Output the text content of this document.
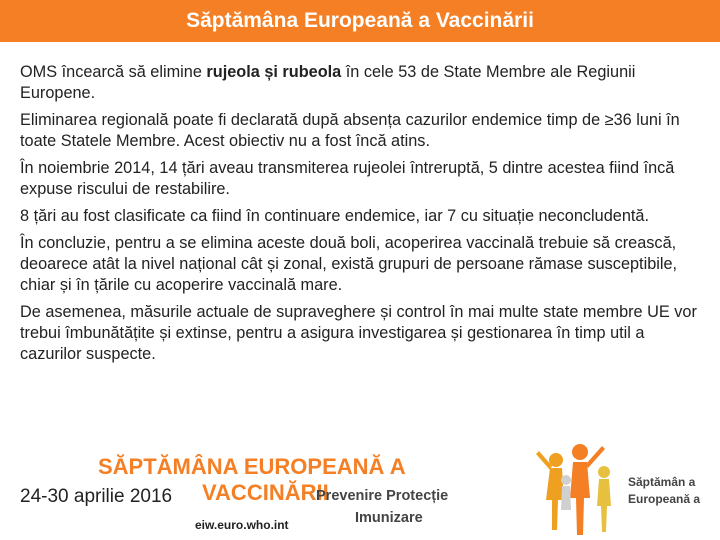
Săptămâna Europeană a Vaccinării

OMS încearcă să elimine rujeola și rubeola în cele 53 de State Membre ale Regiunii Europene.

Eliminarea regională poate fi declarată după absența cazurilor endemice timp de ≥36 luni în toate Statele Membre. Acest obiectiv nu a fost încă atins.

În noiembrie 2014, 14 țări aveau transmiterea rujeolei întreruptă, 5 dintre acestea fiind încă expuse riscului de restabilire.

8 țări au fost clasificate ca fiind în continuare endemice, iar 7 cu situație neconcludentă.

În concluzie, pentru a se elimina aceste două boli, acoperirea vaccinală trebuie să crească, deoarece atât la nivel național cât și zonal, există grupuri de persoane rămase susceptibile, chiar și în țările cu acoperire vaccinală mare.

De asemenea, măsurile actuale de supraveghere și control în mai multe state membre UE vor trebui îmbunătățite și extinse, pentru a asigura investigarea și gestionarea în timp util a cazurilor suspecte.

SĂPTĂMÂNA EUROPEANĂ A
VACCINĂRII
24-30 aprilie 2016	Prevenire Protecție
Imunizare
eiw.euro.who.int
Săptămân a Europeană a
